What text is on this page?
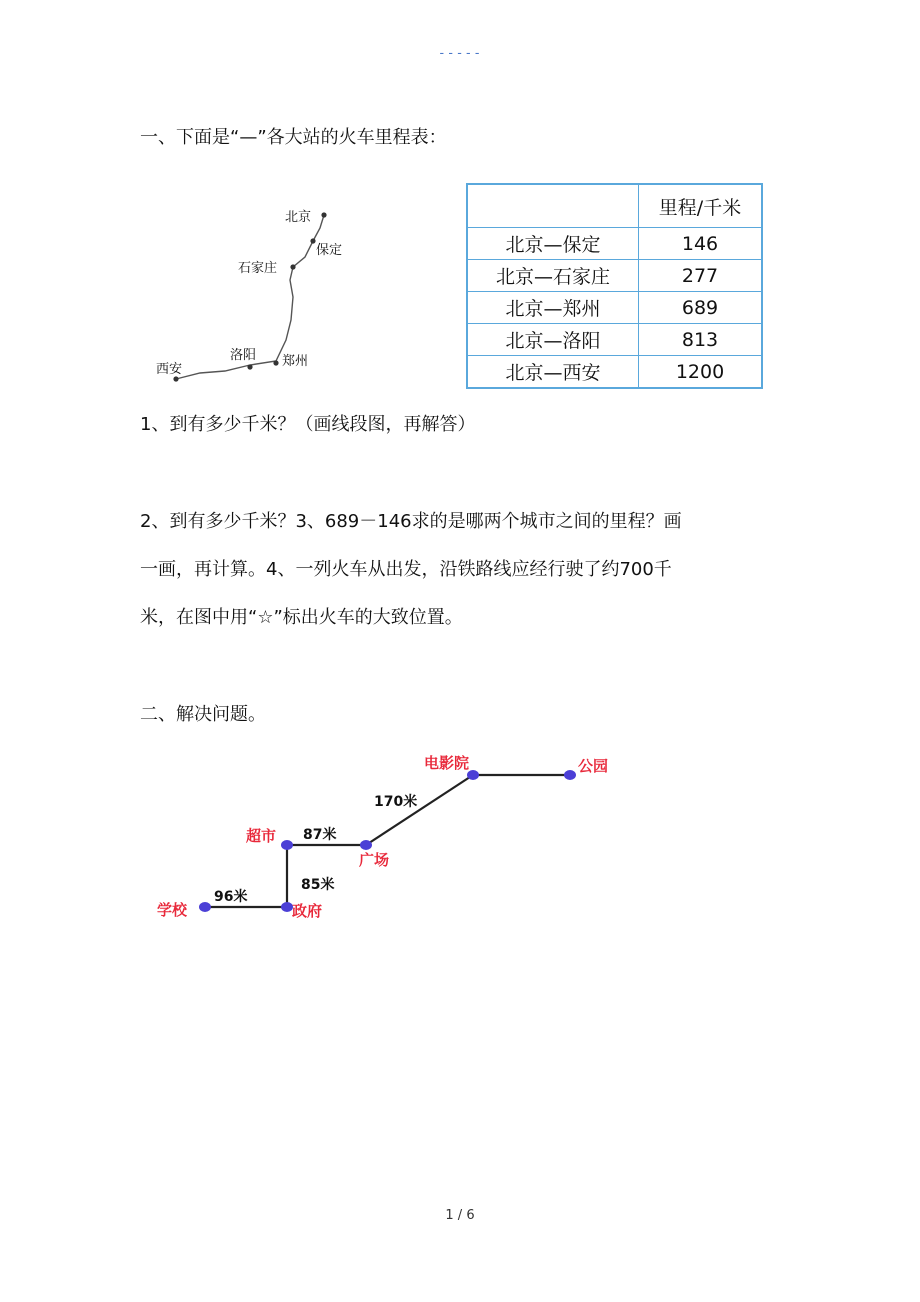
-----
一、下面是“—”各大站的火车里程表：
北京
保定
石家庄
郑州
洛阳
西安
	里程/千米
北京—保定	146
北京—石家庄	277
北京—郑州	689
北京—洛阳	813
北京—西安	1200
1、到有多少千米？（画线段图，再解答）
2、到有多少千米？3、689－146求的是哪两个城市之间的里程？画
一画，再计算。4、一列火车从出发，沿铁路线应经行驶了约700千
米，在图中用“☆”标出火车的大致位置。
二、解决问题。
学校	政府
超市
广场
电影院	公园
96米
85米
87米
170米
1 / 6
